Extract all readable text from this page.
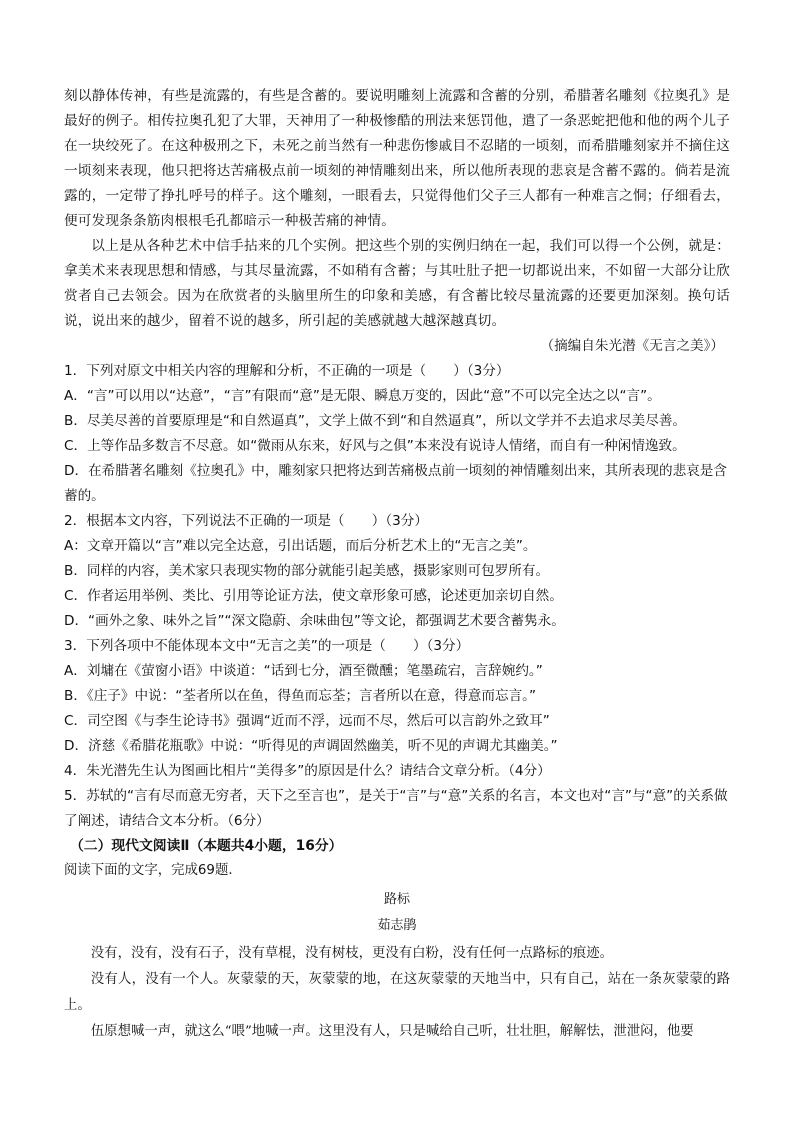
刻以静体传神，有些是流露的，有些是含蓄的。要说明雕刻上流露和含蓄的分别，希腊著名雕刻《拉奥孔》是最好的例子。相传拉奥孔犯了大罪，天神用了一种极惨酷的刑法来惩罚他，遣了一条恶蛇把他和他的两个儿子在一块绞死了。在这种极刑之下，未死之前当然有一种悲伤惨戚目不忍睹的一顷刻，而希腊雕刻家并不摘住这一顷刻来表现，他只把将达苦痛极点前一顷刻的神情雕刻出来，所以他所表现的悲哀是含蓄不露的。倘若是流露的，一定带了挣扎呼号的样子。这个雕刻，一眼看去，只觉得他们父子三人都有一种难言之恫；仔细看去，便可发现条条筋肉根根毛孔都暗示一种极苦痛的神情。

以上是从各种艺术中信手拈来的几个实例。把这些个别的实例归纳在一起，我们可以得一个公例，就是：拿美术来表现思想和情感，与其尽量流露，不如稍有含蓄；与其吐肚子把一切都说出来，不如留一大部分让欣赏者自己去领会。因为在欣赏者的头脑里所生的印象和美感，有含蓄比较尽量流露的还要更加深刻。换句话说，说出来的越少，留着不说的越多，所引起的美感就越大越深越真切。

（摘编自朱光潜《无言之美》）

1．下列对原文中相关内容的理解和分析，不正确的一项是（　　）（3分）

A．“言”可以用以“达意”，“言”有限而“意”是无限、瞬息万变的，因此“意”不可以完全达之以“言”。

B．尽美尽善的首要原理是“和自然逼真”，文学上做不到“和自然逼真”，所以文学并不去追求尽美尽善。

C．上等作品多数言不尽意。如“微雨从东来，好风与之俱”本来没有说诗人情绪，而自有一种闲情逸致。

D．在希腊著名雕刻《拉奥孔》中，雕刻家只把将达到苦痛极点前一顷刻的神情雕刻出来，其所表现的悲哀是含蓄的。

2．根据本文内容，下列说法不正确的一项是（　　）（3分）

A：文章开篇以“言”难以完全达意，引出话题，而后分析艺术上的“无言之美”。

B．同样的内容，美术家只表现实物的部分就能引起美感，摄影家则可包罗所有。

C．作者运用举例、类比、引用等论证方法，使文章形象可感，论述更加亲切自然。

D．“画外之象、味外之旨”“深文隐蔚、余味曲包”等文论，都强调艺术要含蓄隽永。

3．下列各项中不能体现本文中“无言之美”的一项是（　　）（3分）

A．刘墉在《萤窗小语》中谈道：“话到七分，酒至微醺；笔墨疏宕，言辞婉约。”

B．《庄子》中说：“荃者所以在鱼，得鱼而忘荃；言者所以在意，得意而忘言。”

C．司空图《与李生论诗书》强调“近而不浮，远而不尽，然后可以言韵外之致耳”

D．济慈《希腊花瓶歌》中说：“听得见的声调固然幽美，听不见的声调尤其幽美。”

4．朱光潜先生认为图画比相片“美得多”的原因是什么？请结合文章分析。（4分）

5．苏轼的“言有尽而意无穷者，天下之至言也”，是关于“言”与“意”关系的名言，本文也对“言”与“意”的关系做了阐述，请结合文本分析。（6分）

（二）现代文阅读Ⅱ（本题共4小题，16分）

阅读下面的文字，完成69题．

路标

茹志鹃

没有，没有，没有石子，没有草棍，没有树枝，更没有白粉，没有任何一点路标的痕迹。

没有人，没有一个人。灰蒙蒙的天，灰蒙蒙的地，在这灰蒙蒙的天地当中，只有自己，站在一条灰蒙蒙的路上。

伍原想喊一声，就这么“喂”地喊一声。这里没有人，只是喊给自己听，壮壮胆，解解怯，泄泄闷，他要
